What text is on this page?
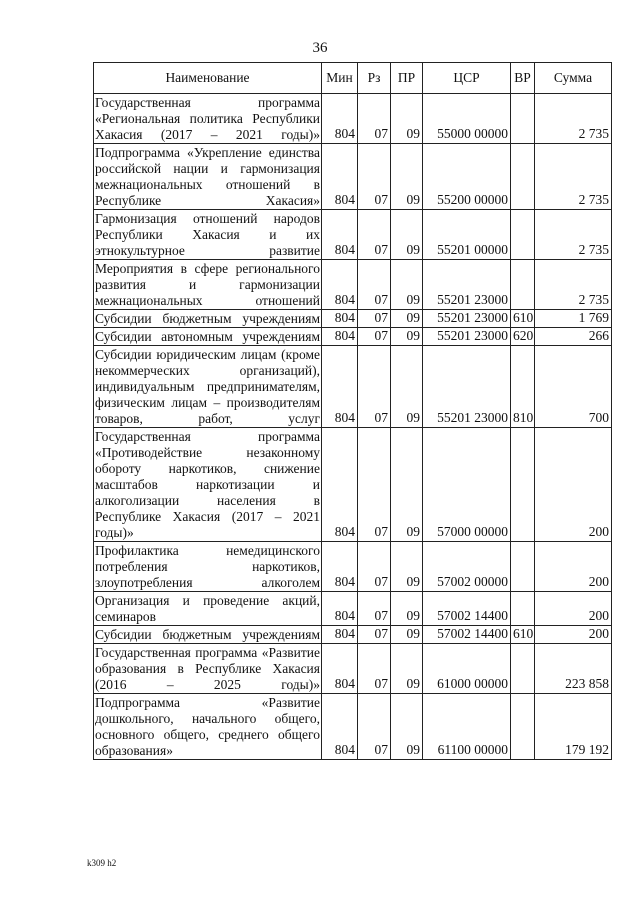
36
Наименование	Мин	Рз	ПР	ЦСР	ВР	Сумма
Государственная программа «Региональная политика Республики Хакасия (2017 – 2021 годы)»	804	07	09	55000 00000		2 735
Подпрограмма «Укрепление единства российской нации и гармонизация межнациональных отношений в Республике Хакасия»	804	07	09	55200 00000		2 735
Гармонизация отношений народов Республики Хакасия и их этнокультурное развитие	804	07	09	55201 00000		2 735
Мероприятия в сфере регионального развития и гармонизации межнациональных отношений	804	07	09	55201 23000		2 735
Субсидии бюджетным учреждениям	804	07	09	55201 23000	610	1 769
Субсидии автономным учреждениям	804	07	09	55201 23000	620	266
Субсидии юридическим лицам (кроме некоммерческих организаций), индивидуальным предпринимателям, физическим лицам – производителям товаров, работ, услуг	804	07	09	55201 23000	810	700
Государственная программа «Противодействие незаконному обороту наркотиков, снижение масштабов наркотизации и алкоголизации населения в Республике Хакасия (2017 – 2021 годы)»	804	07	09	57000 00000		200
Профилактика немедицинского потребления наркотиков, злоупотребления алкоголем	804	07	09	57002 00000		200
Организация и проведение акций, семинаров	804	07	09	57002 14400		200
Субсидии бюджетным учреждениям	804	07	09	57002 14400	610	200
Государственная программа «Развитие образования в Республике Хакасия (2016 – 2025 годы)»	804	07	09	61000 00000		223 858
Подпрограмма «Развитие дошкольного, начального общего, основного общего, среднего общего образования»	804	07	09	61100 00000		179 192
k309 h2
